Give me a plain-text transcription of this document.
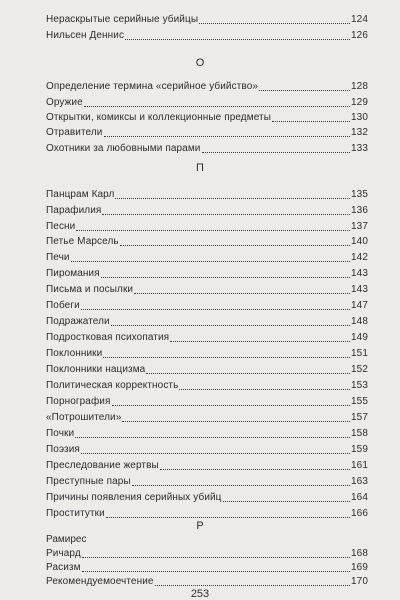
Нераскрытые серийные убийцы	124
Нильсен Деннис	126
О
Определение термина «серийное убийство»	128
Оружие	129
Открытки, комиксы и коллекционные предметы	130
Отравители	132
Охотники за любовными парами	133
П
Панцрам Карл	135
Парафилия	136
Песни	137
Петье Марсель	140
Печи	142
Пиромания	143
Письма и посылки	143
Побеги	147
Подражатели	148
Подростковая психопатия	149
Поклонники	151
Поклонники нацизма	152
Политическая корректность	153
Порнография	155
«Потрошители»	157
Почки	158
Поэзия	159
Преследование жертвы	161
Преступные пары	163
Причины появления серийных убийц	164
Проститутки	166
Р
Рамирес
Ричард	168
Расизм	169
Рекомендуемоечтение	170
253
